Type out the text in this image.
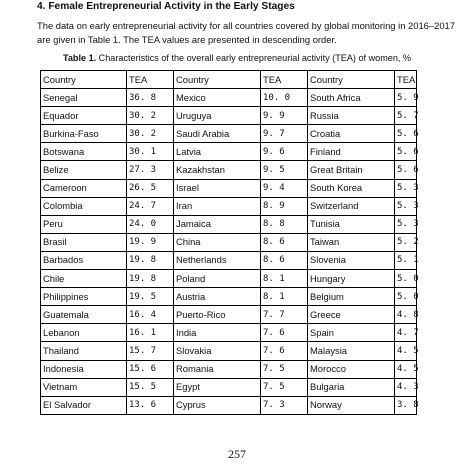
4. Female Entrepreneurial Activity in the Early Stages
The data on early entrepreneurial activity for all countries covered by global monitoring in 2016–2017 are given in Table 1. The TEA values are presented in descending order.
Table 1. Characteristics of the overall early entrepreneurial activity (TEA) of women, %
Country	TEA	Country	TEA	Country	TEA
Senegal	36. 8	Mexico	10. 0	South Africa	5. 9
Equador	30. 2	Uruguya	9. 9	Russia	5. 7
Burkina-Faso	30. 2	Saudi Arabia	9. 7	Croatia	5. 6
Botswana	30. 1	Latvia	9. 6	Finland	5. 6
Belize	27. 3	Kazakhstan	9. 5	Great Britain	5. 6
Cameroon	26. 5	Israel	9. 4	South Korea	5. 3
Colombia	24. 7	Iran	8. 9	Switzerland	5. 3
Peru	24. 0	Jamaica	8. 8	Tunisia	5. 3
Brasil	19. 9	China	8. 6	Taiwan	5. 2
Barbados	19. 8	Netherlands	8. 6	Slovenia	5. 1
Chile	19. 8	Poland	8. 1	Hungary	5. 0
Philippines	19. 5	Austria	8. 1	Belgium	5. 0
Guatemala	16. 4	Puerto-Rico	7. 7	Greece	4. 8
Lebanon	16. 1	India	7. 6	Spain	4. 7
Thailand	15. 7	Slovakia	7. 6	Malaysia	4. 5
Indonesia	15. 6	Romania	7. 5	Morocco	4. 5
Vietnam	15. 5	Egypt	7. 5	Bulgaria	4. 3
El Salvador	13. 6	Cyprus	7. 3	Norway	3. 8
257
